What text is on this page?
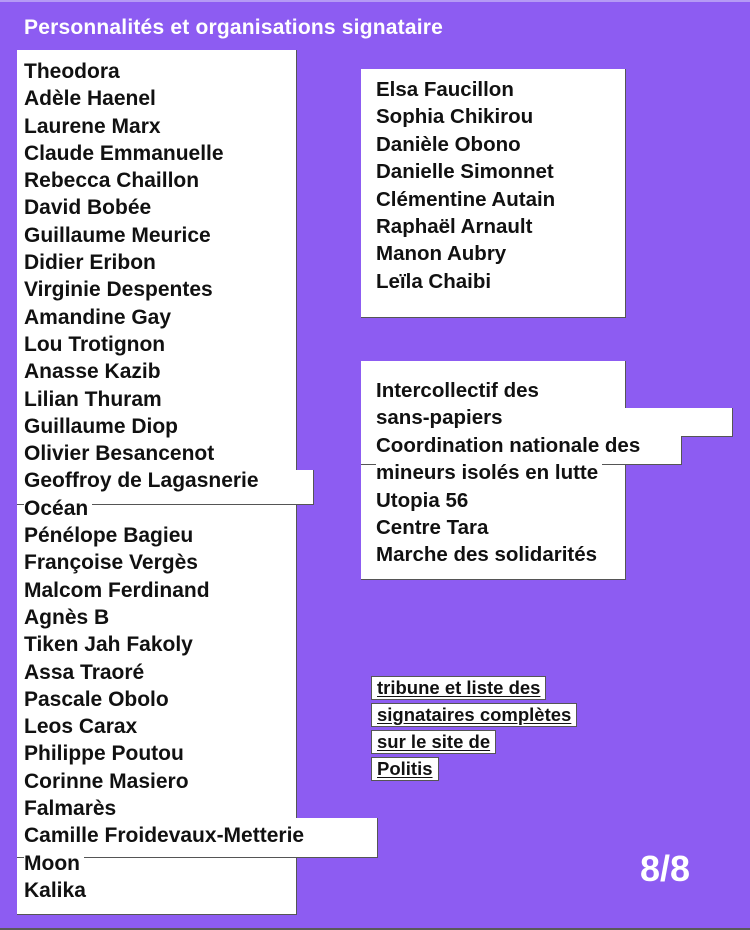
Personnalités et organisations signataire
Theodora
Adèle Haenel
Laurene Marx
Claude Emmanuelle
Rebecca Chaillon
David Bobée
Guillaume Meurice
Didier Eribon
Virginie Despentes
Amandine Gay
Lou Trotignon
Anasse Kazib
Lilian Thuram
Guillaume Diop
Olivier Besancenot
Geoffroy de Lagasnerie
Océan
Pénélope Bagieu
Françoise Vergès
Malcom Ferdinand
Agnès B
Tiken Jah Fakoly
Assa Traoré
Pascale Obolo
Leos Carax
Philippe Poutou
Corinne Masiero
Falmarès
Camille Froidevaux-Metterie
Moon
Kalika
Elsa Faucillon
Sophia Chikirou
Danièle Obono
Danielle Simonnet
Clémentine Autain
Raphaël Arnault
Manon Aubry
Leïla Chaibi
Intercollectif des
sans-papiers
Coordination nationale des
mineurs isolés en lutte
Utopia 56
Centre Tara
Marche des solidarités
tribune et liste des
signataires complètes
sur le site de
Politis
8/8
